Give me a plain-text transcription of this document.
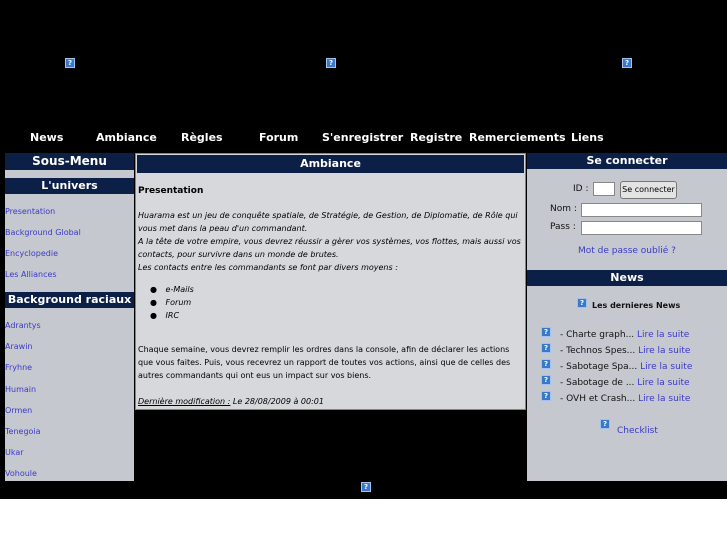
?	?	?
News	Ambiance Règles	Forum S'enregistrer Registre Remerciements Liens
Sous-Menu
L'univers
Presentation
Background Global
Encyclopedie
Les Alliances
Background raciaux
Adrantys
Arawin
Fryhne
Humain
Ormen
Tenegoia
Ukar
Vohoule
Ambiance
Presentation
Huarama est un jeu de conquête spatiale, de Stratégie, de Gestion, de Diplomatie, de Rôle qui vous met dans la peau d'un commandant.
A la tête de votre empire, vous devrez réussir a gèrer vos systèmes, vos flottes, mais aussi vos contacts, pour survivre dans un monde de brutes.
Les contacts entre les commandants se font par divers moyens :
● e-Mails
● Forum
● IRC
Chaque semaine, vous devrez remplir les ordres dans la console, afin de déclarer les actions que vous faites. Puis, vous recevrez un rapport de toutes vos actions, ainsi que de celles des autres commandants qui ont eus un impact sur vos biens.
Dernière modification : Le 28/08/2009 à 00:01
Se connecter
ID :	Se connecter
Nom :
Pass :
Mot de passe oublié ?
News
? Les dernieres News
?	- Charte graph... Lire la suite
?	- Technos Spes... Lire la suite
?	- Sabotage Spa... Lire la suite
?	- Sabotage de ... Lire la suite
?	- OVH et Crash... Lire la suite
?
Checklist
?
